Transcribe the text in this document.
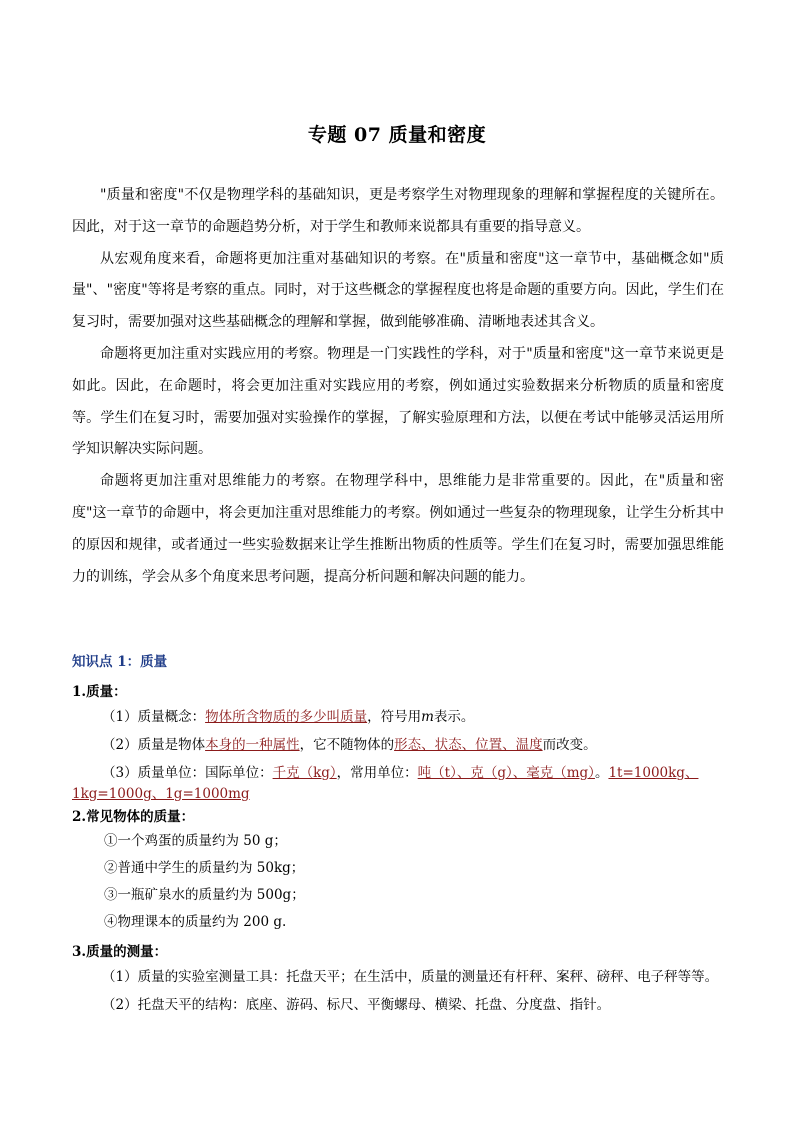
专题 07 质量和密度

"质量和密度"不仅是物理学科的基础知识，更是考察学生对物理现象的理解和掌握程度的关键所在。因此，对于这一章节的命题趋势分析，对于学生和教师来说都具有重要的指导意义。

从宏观角度来看，命题将更加注重对基础知识的考察。在"质量和密度"这一章节中，基础概念如"质量"、"密度"等将是考察的重点。同时，对于这些概念的掌握程度也将是命题的重要方向。因此，学生们在复习时，需要加强对这些基础概念的理解和掌握，做到能够准确、清晰地表述其含义。

命题将更加注重对实践应用的考察。物理是一门实践性的学科，对于"质量和密度"这一章节来说更是如此。因此，在命题时，将会更加注重对实践应用的考察，例如通过实验数据来分析物质的质量和密度等。学生们在复习时，需要加强对实验操作的掌握，了解实验原理和方法，以便在考试中能够灵活运用所学知识解决实际问题。

命题将更加注重对思维能力的考察。在物理学科中，思维能力是非常重要的。因此，在"质量和密度"这一章节的命题中，将会更加注重对思维能力的考察。例如通过一些复杂的物理现象，让学生分析其中的原因和规律，或者通过一些实验数据来让学生推断出物质的性质等。学生们在复习时，需要加强思维能力的训练，学会从多个角度来思考问题，提高分析问题和解决问题的能力。

知识点 1：质量
1.质量：
（1）质量概念：物体所含物质的多少叫质量，符号用m表示。
（2）质量是物体本身的一种属性，它不随物体的形态、状态、位置、温度而改变。
（3）质量单位：国际单位：千克（kg），常用单位：吨（t）、克（g）、毫克（mg）。1t=1000kg、
1kg=1000g、1g=1000mg
2.常见物体的质量：
①一个鸡蛋的质量约为 50 g；
②普通中学生的质量约为 50kg；
③一瓶矿泉水的质量约为 500g；
④物理课本的质量约为 200 g.
3.质量的测量：
（1）质量的实验室测量工具：托盘天平；在生活中，质量的测量还有杆秤、案秤、磅秤、电子秤等等。
（2）托盘天平的结构：底座、游码、标尺、平衡螺母、横梁、托盘、分度盘、指针。
